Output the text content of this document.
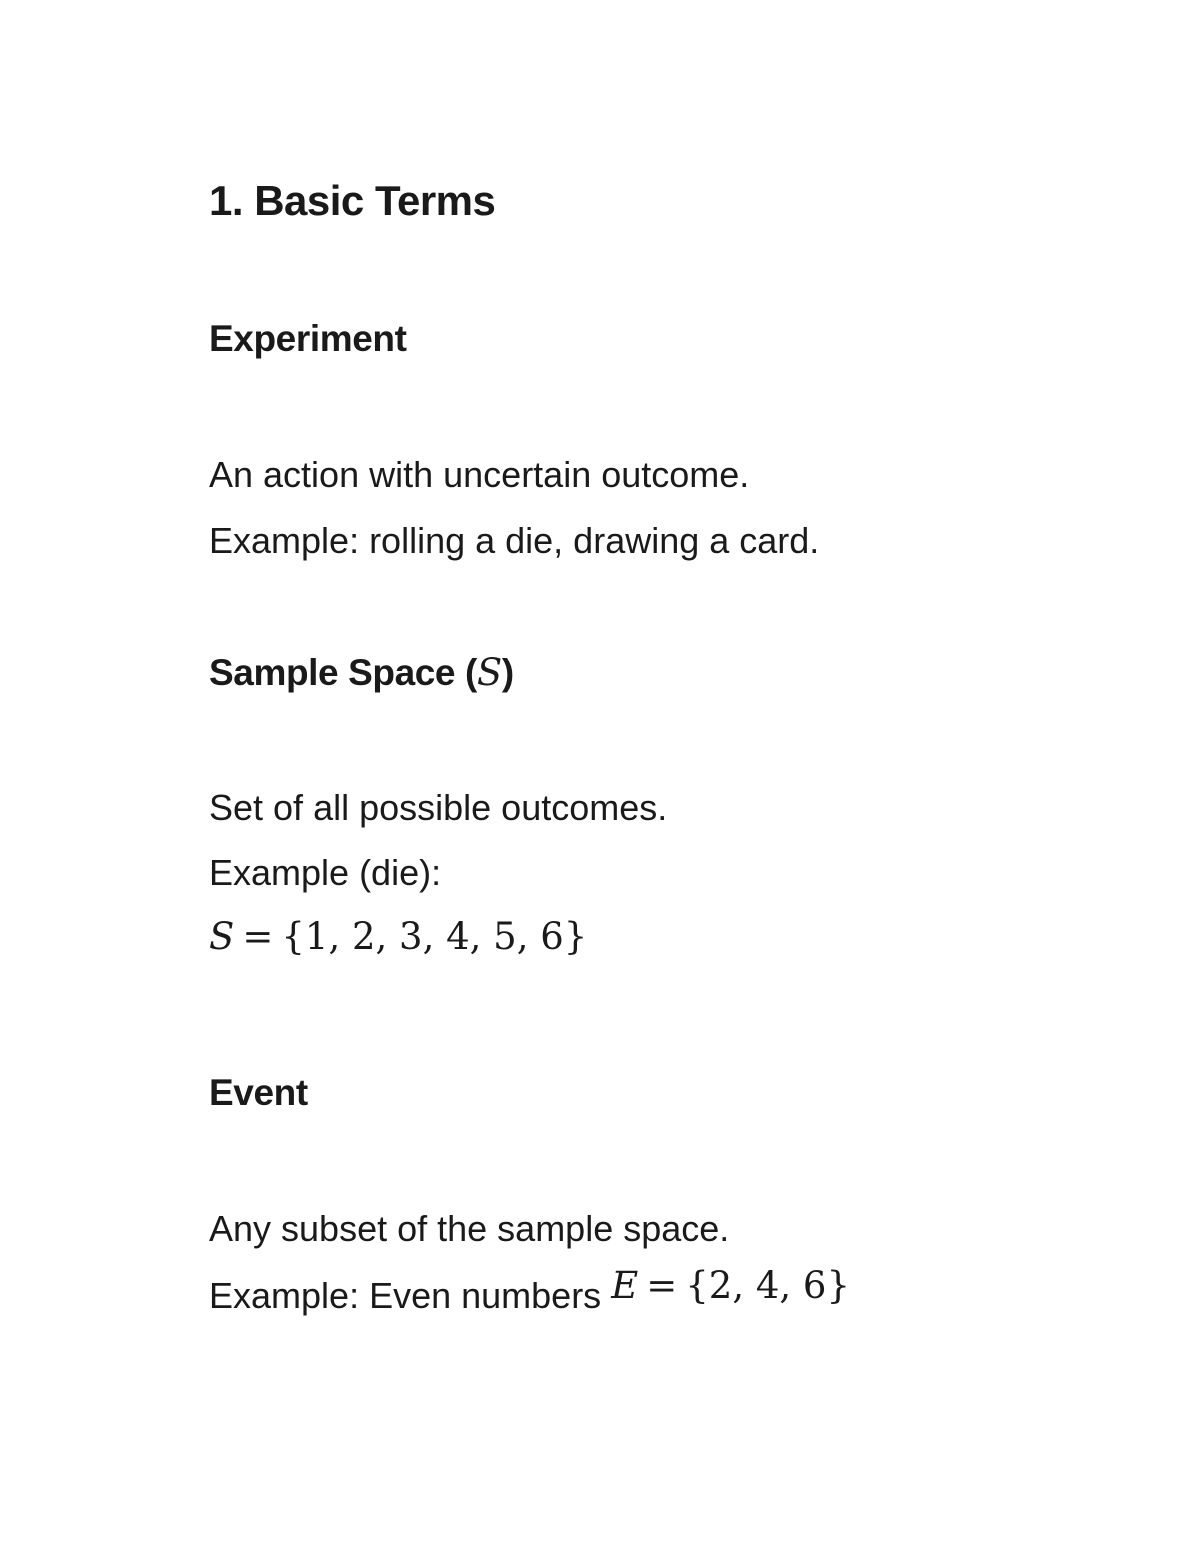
1. Basic Terms
Experiment

An action with uncertain outcome.

Example: rolling a die, drawing a card.

Sample Space (S)

Set of all possible outcomes.

Example (die):

S = {1, 2, 3, 4, 5, 6}

Event

Any subset of the sample space.

Example: Even numbers E = {2, 4, 6}
